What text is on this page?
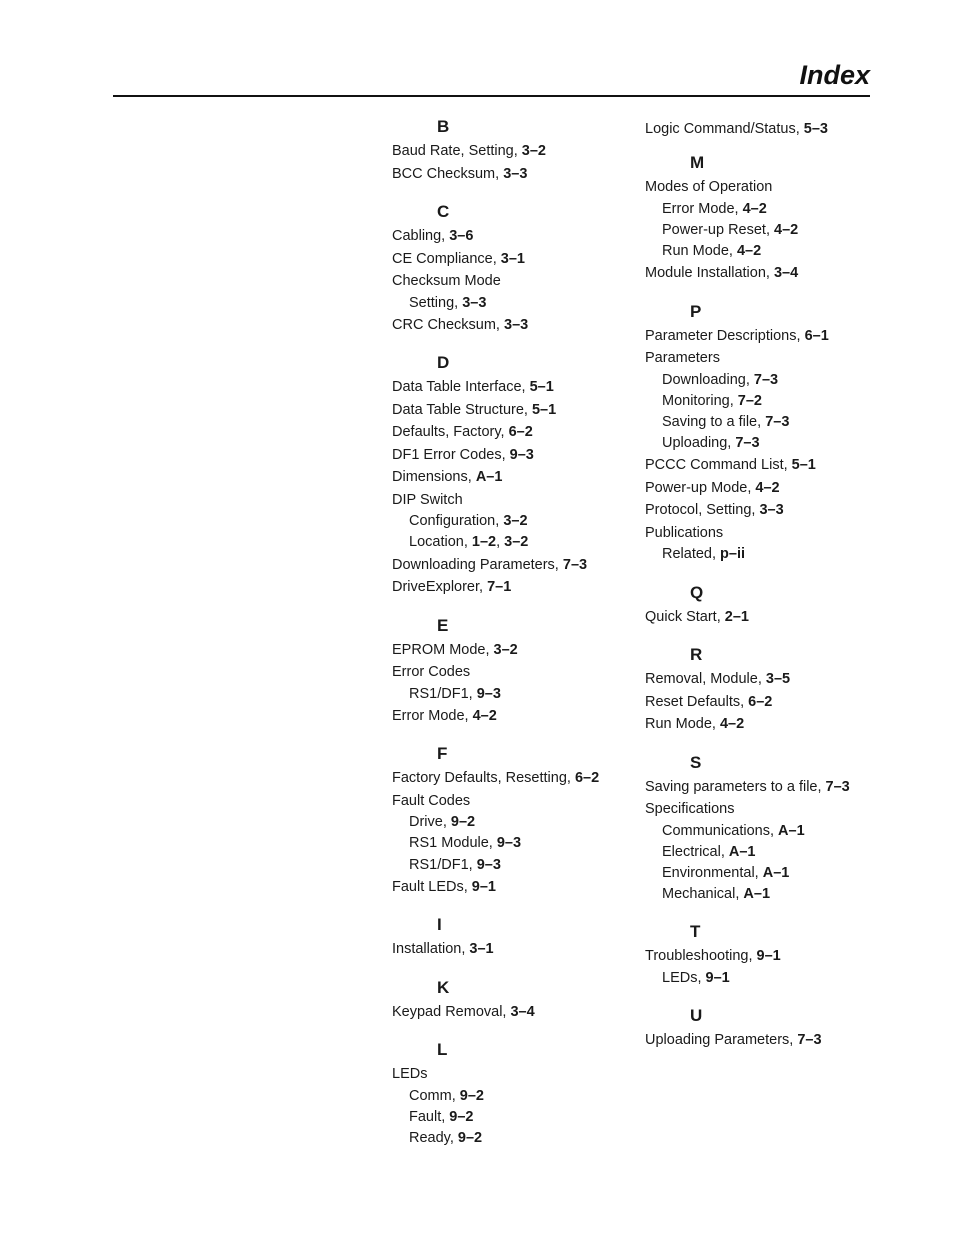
Index
B
Baud Rate, Setting, 3–2
BCC Checksum, 3–3
C
Cabling, 3–6
CE Compliance, 3–1
Checksum Mode
Setting, 3–3
CRC Checksum, 3–3
D
Data Table Interface, 5–1
Data Table Structure, 5–1
Defaults, Factory, 6–2
DF1 Error Codes, 9–3
Dimensions, A–1
DIP Switch
Configuration, 3–2
Location, 1–2, 3–2
Downloading Parameters, 7–3
DriveExplorer, 7–1
E
EPROM Mode, 3–2
Error Codes
RS1/DF1, 9–3
Error Mode, 4–2
F
Factory Defaults, Resetting, 6–2
Fault Codes
Drive, 9–2
RS1 Module, 9–3
RS1/DF1, 9–3
Fault LEDs, 9–1
I
Installation, 3–1
K
Keypad Removal, 3–4
L
LEDs
Comm, 9–2
Fault, 9–2
Ready, 9–2
Logic Command/Status, 5–3
M
Modes of Operation
Error Mode, 4–2
Power-up Reset, 4–2
Run Mode, 4–2
Module Installation, 3–4
P
Parameter Descriptions, 6–1
Parameters
Downloading, 7–3
Monitoring, 7–2
Saving to a file, 7–3
Uploading, 7–3
PCCC Command List, 5–1
Power-up Mode, 4–2
Protocol, Setting, 3–3
Publications
Related, p–ii
Q
Quick Start, 2–1
R
Removal, Module, 3–5
Reset Defaults, 6–2
Run Mode, 4–2
S
Saving parameters to a file, 7–3
Specifications
Communications, A–1
Electrical, A–1
Environmental, A–1
Mechanical, A–1
T
Troubleshooting, 9–1
LEDs, 9–1
U
Uploading Parameters, 7–3
